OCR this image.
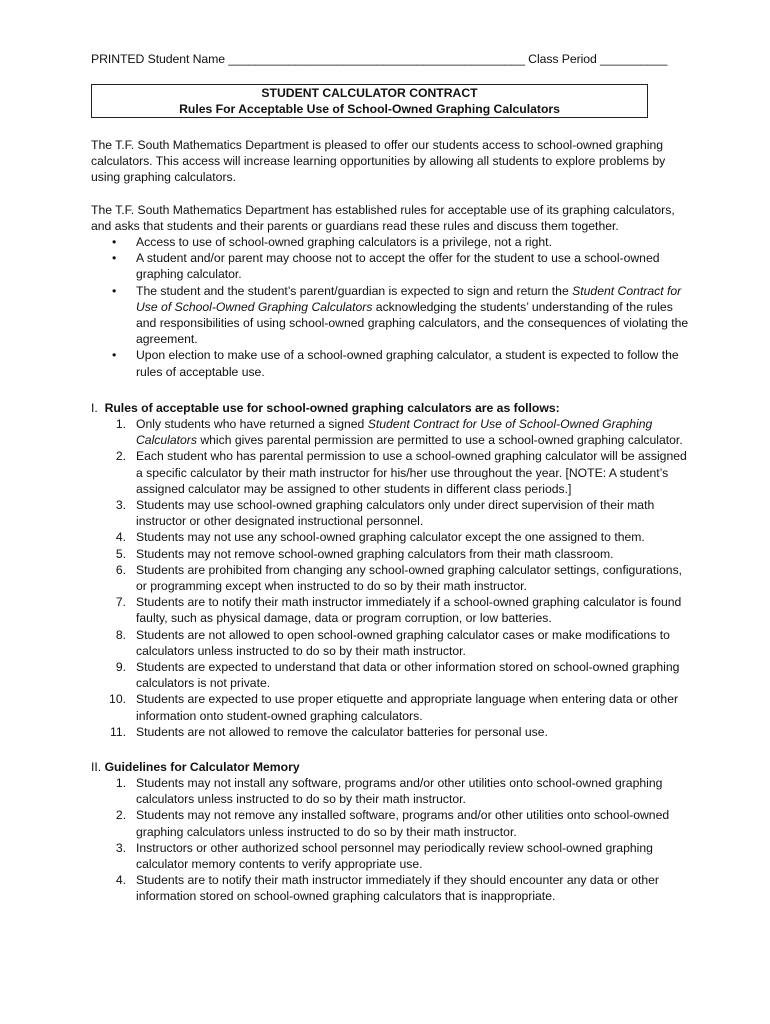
PRINTED Student Name ____________________________________________ Class Period __________
STUDENT CALCULATOR CONTRACT
Rules For Acceptable Use of School-Owned Graphing Calculators
The T.F. South Mathematics Department is pleased to offer our students access to school-owned graphing calculators. This access will increase learning opportunities by allowing all students to explore problems by using graphing calculators.
The T.F. South Mathematics Department has established rules for acceptable use of its graphing calculators, and asks that students and their parents or guardians read these rules and discuss them together.
• Access to use of school-owned graphing calculators is a privilege, not a right.
• A student and/or parent may choose not to accept the offer for the student to use a school-owned graphing calculator.
• The student and the student’s parent/guardian is expected to sign and return the Student Contract for Use of School-Owned Graphing Calculators acknowledging the students’ understanding of the rules and responsibilities of using school-owned graphing calculators, and the consequences of violating the agreement.
• Upon election to make use of a school-owned graphing calculator, a student is expected to follow the rules of acceptable use.
I. Rules of acceptable use for school-owned graphing calculators are as follows:
1. Only students who have returned a signed Student Contract for Use of School-Owned Graphing Calculators which gives parental permission are permitted to use a school-owned graphing calculator.
2. Each student who has parental permission to use a school-owned graphing calculator will be assigned a specific calculator by their math instructor for his/her use throughout the year. [NOTE: A student’s assigned calculator may be assigned to other students in different class periods.]
3. Students may use school-owned graphing calculators only under direct supervision of their math instructor or other designated instructional personnel.
4. Students may not use any school-owned graphing calculator except the one assigned to them.
5. Students may not remove school-owned graphing calculators from their math classroom.
6. Students are prohibited from changing any school-owned graphing calculator settings, configurations, or programming except when instructed to do so by their math instructor.
7. Students are to notify their math instructor immediately if a school-owned graphing calculator is found faulty, such as physical damage, data or program corruption, or low batteries.
8. Students are not allowed to open school-owned graphing calculator cases or make modifications to calculators unless instructed to do so by their math instructor.
9. Students are expected to understand that data or other information stored on school-owned graphing calculators is not private.
10. Students are expected to use proper etiquette and appropriate language when entering data or other information onto student-owned graphing calculators.
11. Students are not allowed to remove the calculator batteries for personal use.
II. Guidelines for Calculator Memory
1. Students may not install any software, programs and/or other utilities onto school-owned graphing calculators unless instructed to do so by their math instructor.
2. Students may not remove any installed software, programs and/or other utilities onto school-owned graphing calculators unless instructed to do so by their math instructor.
3. Instructors or other authorized school personnel may periodically review school-owned graphing calculator memory contents to verify appropriate use.
4. Students are to notify their math instructor immediately if they should encounter any data or other information stored on school-owned graphing calculators that is inappropriate.
